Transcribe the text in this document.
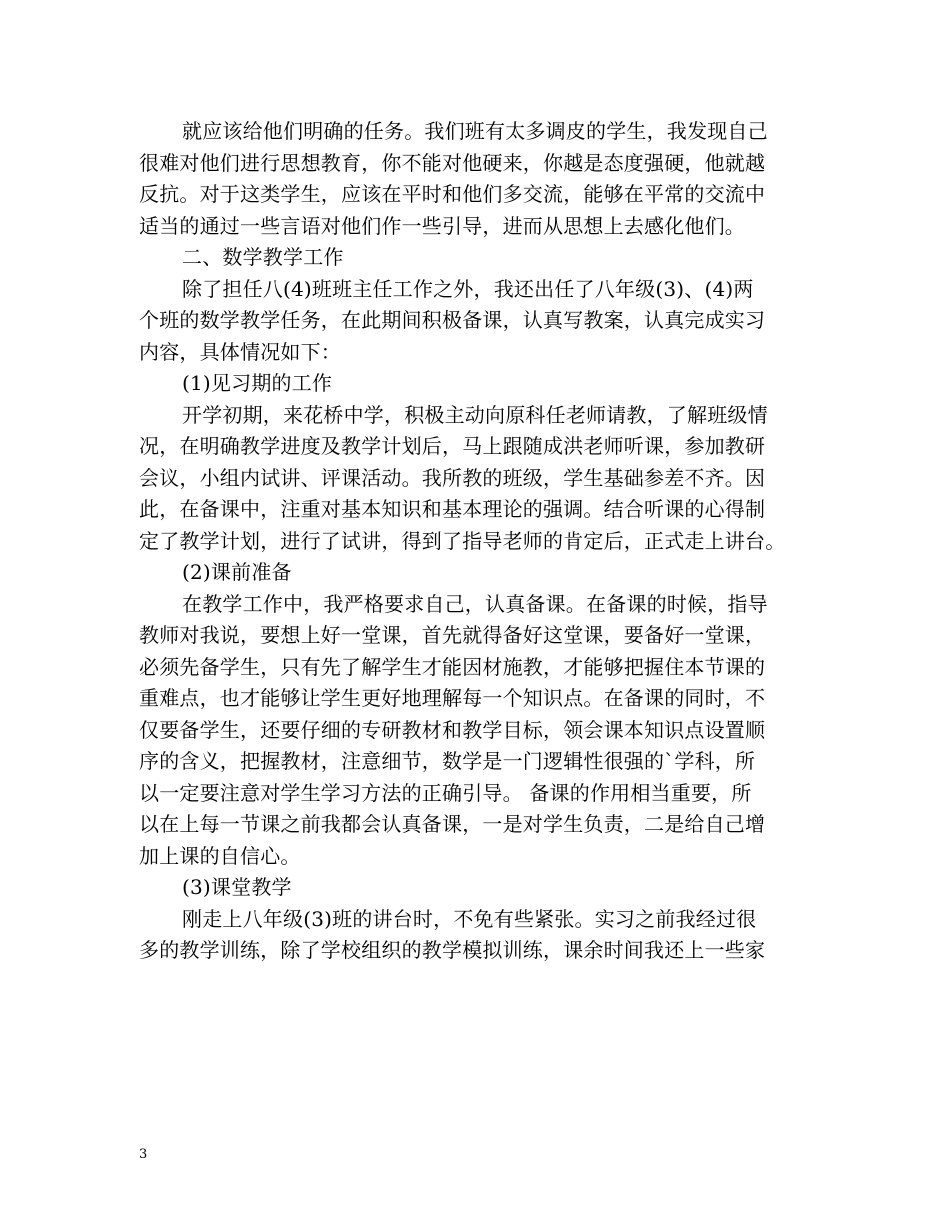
就应该给他们明确的任务。我们班有太多调皮的学生，我发现自己
很难对他们进行思想教育，你不能对他硬来，你越是态度强硬，他就越
反抗。对于这类学生，应该在平时和他们多交流，能够在平常的交流中
适当的通过一些言语对他们作一些引导，进而从思想上去感化他们。
二、数学教学工作
除了担任八(4)班班主任工作之外，我还出任了八年级(3)、(4)两
个班的数学教学任务，在此期间积极备课，认真写教案，认真完成实习
内容，具体情况如下：
(1)见习期的工作
开学初期，来花桥中学，积极主动向原科任老师请教，了解班级情
况，在明确教学进度及教学计划后，马上跟随成洪老师听课，参加教研
会议，小组内试讲、评课活动。我所教的班级，学生基础参差不齐。因
此，在备课中，注重对基本知识和基本理论的强调。结合听课的心得制
定了教学计划，进行了试讲，得到了指导老师的肯定后，正式走上讲台。
(2)课前准备
在教学工作中，我严格要求自己，认真备课。在备课的时候，指导
教师对我说，要想上好一堂课，首先就得备好这堂课，要备好一堂课，
必须先备学生，只有先了解学生才能因材施教，才能够把握住本节课的
重难点，也才能够让学生更好地理解每一个知识点。在备课的同时，不
仅要备学生，还要仔细的专研教材和教学目标，领会课本知识点设置顺
序的含义，把握教材，注意细节，数学是一门逻辑性很强的`学科，所
以一定要注意对学生学习方法的正确引导。 备课的作用相当重要，所
以在上每一节课之前我都会认真备课，一是对学生负责，二是给自己增
加上课的自信心。
(3)课堂教学
刚走上八年级(3)班的讲台时，不免有些紧张。实习之前我经过很
多的教学训练，除了学校组织的教学模拟训练，课余时间我还上一些家
3
